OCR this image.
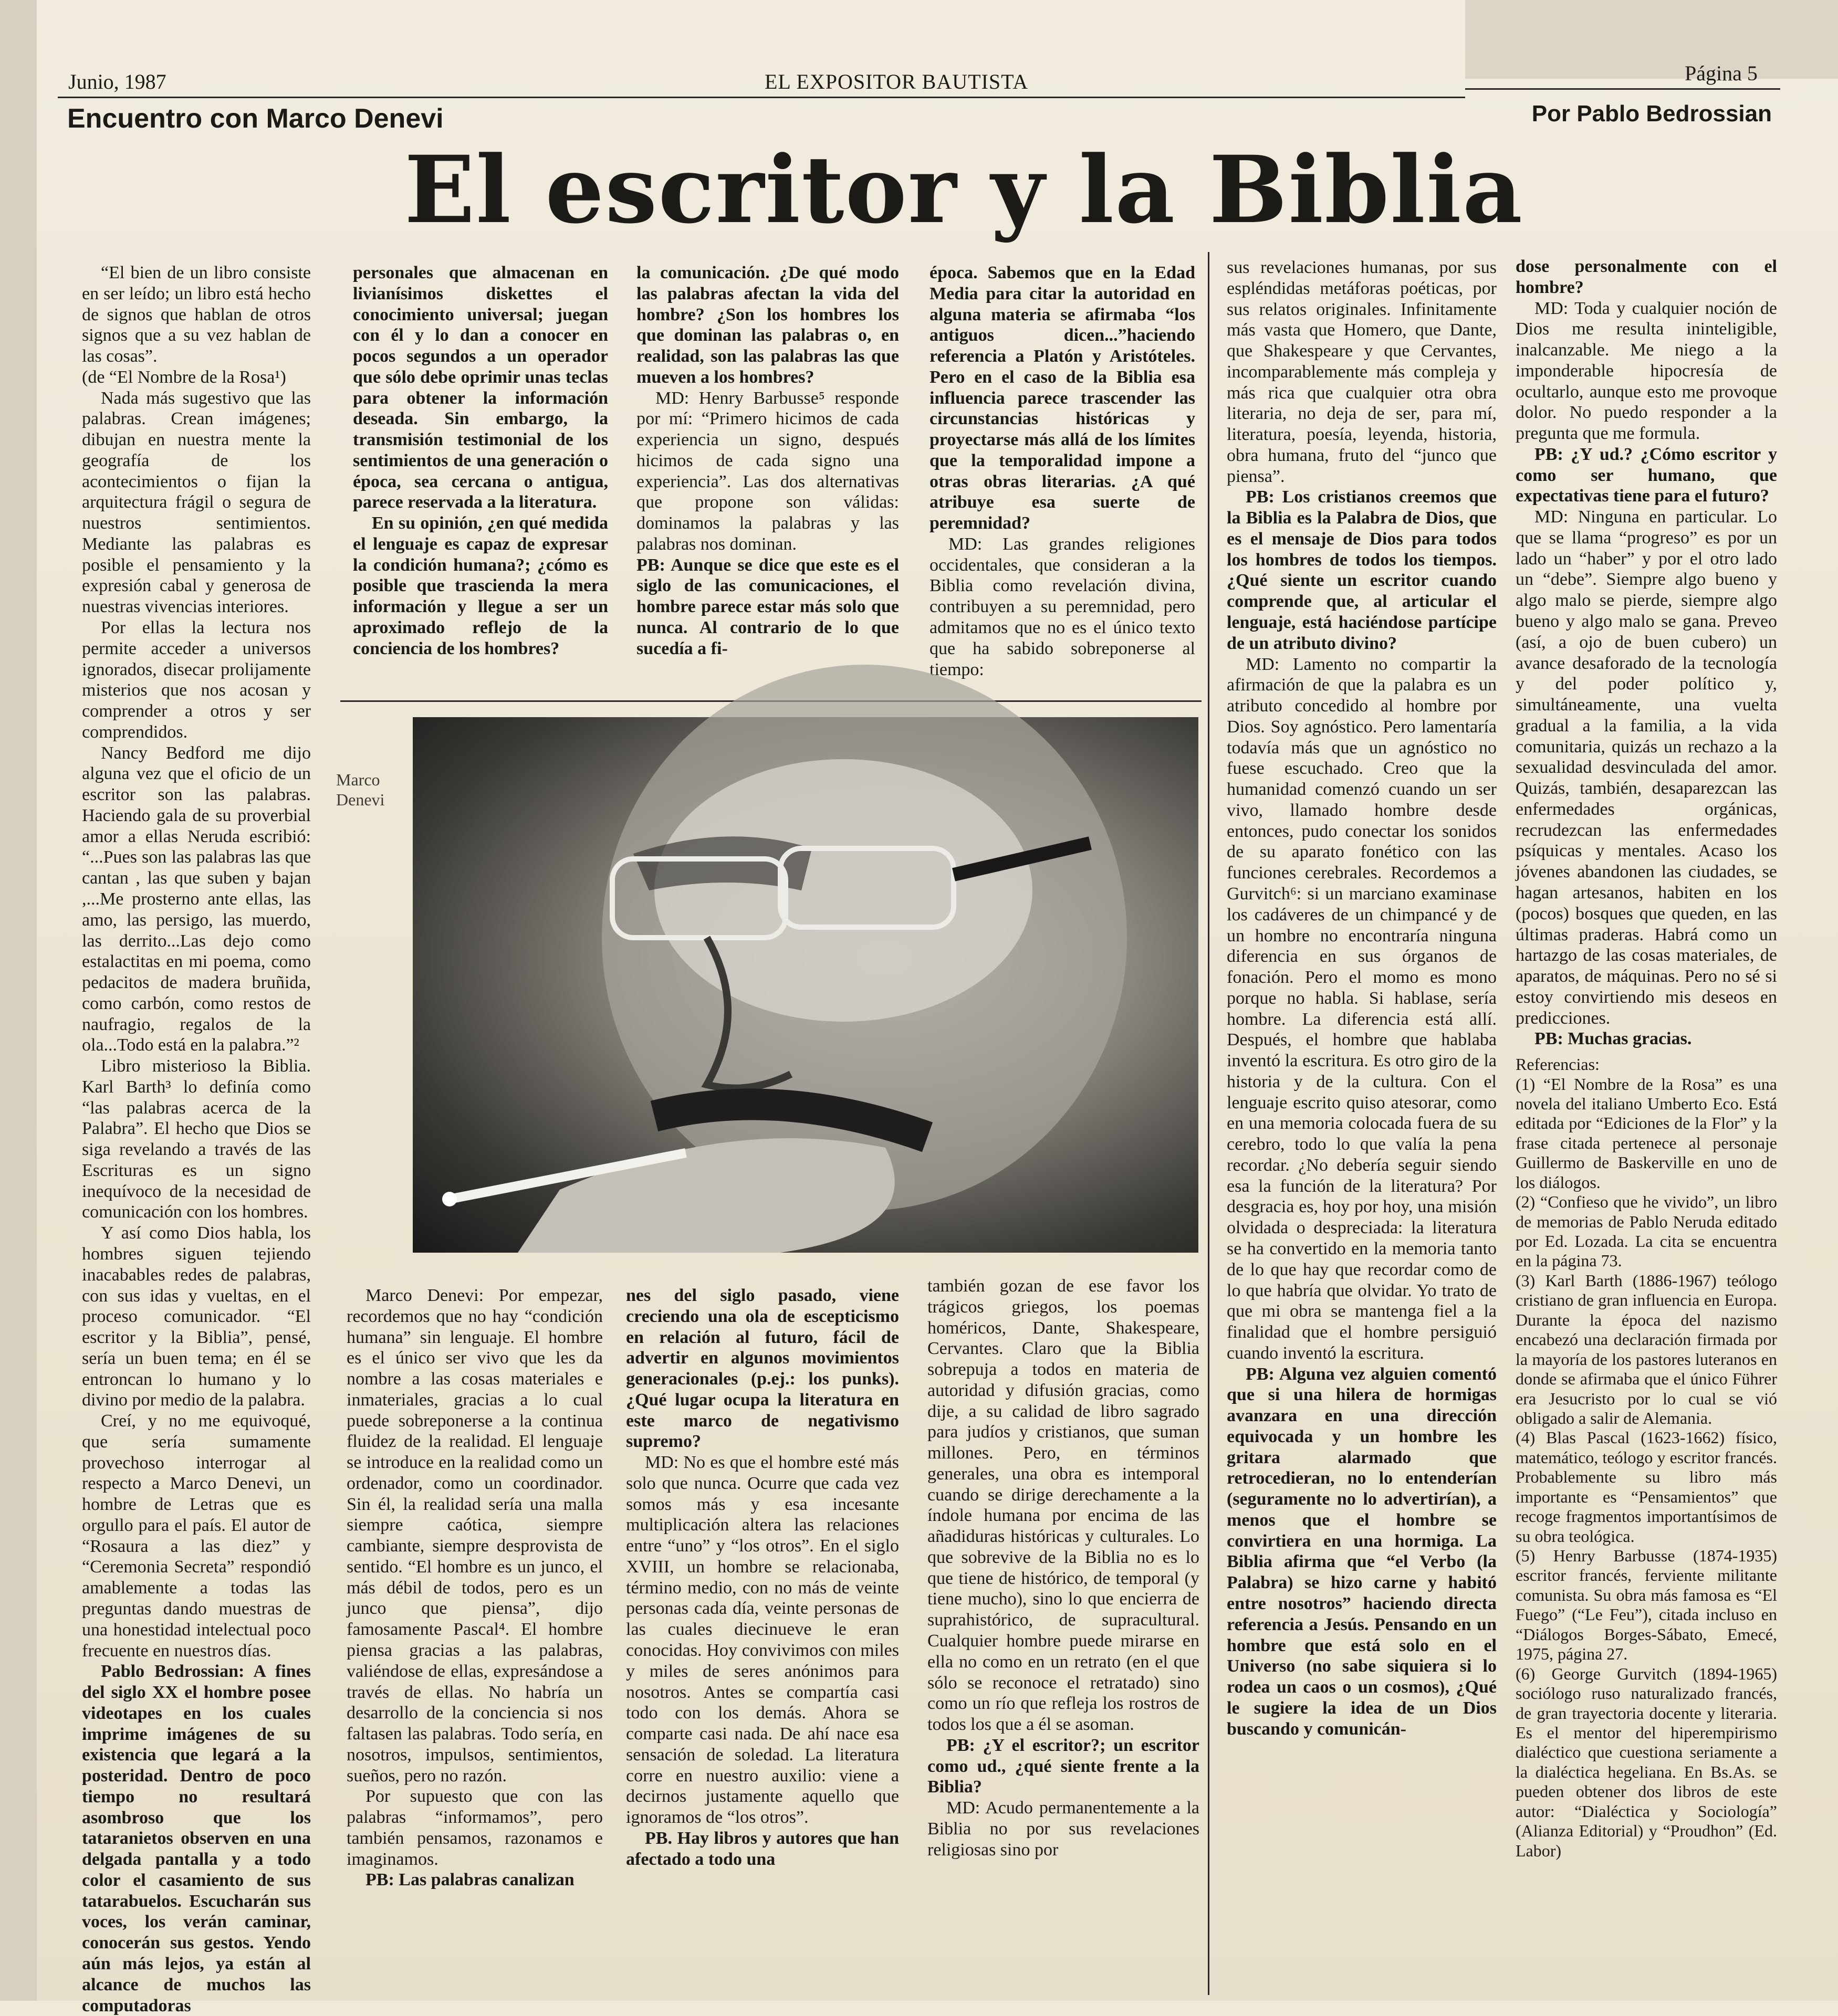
Junio, 1987	EL EXPOSITOR BAUTISTA	Página 5
Encuentro con Marco Denevi	Por Pablo Bedrossian
El escritor y la Biblia

“El bien de un libro consiste en ser leído; un libro está hecho de signos que hablan de otros signos que a su vez hablan de las cosas”.

(de “El Nombre de la Rosa¹)

Nada más sugestivo que las palabras. Crean imágenes; dibujan en nuestra mente la geografía de los acontecimientos o fijan la arquitectura frágil o segura de nuestros sentimientos. Mediante las palabras es posible el pensamiento y la expresión cabal y generosa de nuestras vivencias interiores.

Por ellas la lectura nos permite acceder a universos ignorados, disecar prolijamente misterios que nos acosan y comprender a otros y ser comprendidos.

Nancy Bedford me dijo alguna vez que el oficio de un escritor son las palabras. Haciendo gala de su proverbial amor a ellas Neruda escribió: “...Pues son las palabras las que cantan , las que suben y bajan ,...Me prosterno ante ellas, las amo, las persigo, las muerdo, las derrito...Las dejo como estalactitas en mi poema, como pedacitos de madera bruñida, como carbón, como restos de naufragio, regalos de la ola...Todo está en la palabra.”²

Libro misterioso la Biblia. Karl Barth³ lo definía como “las palabras acerca de la Palabra”. El hecho que Dios se siga revelando a través de las Escrituras es un signo inequívoco de la necesidad de comunicación con los hombres.

Y así como Dios habla, los hombres siguen tejiendo inacabables redes de palabras, con sus idas y vueltas, en el proceso comunicador. “El escritor y la Biblia”, pensé, sería un buen tema; en él se entroncan lo humano y lo divino por medio de la palabra.

Creí, y no me equivoqué, que sería sumamente provechoso interrogar al respecto a Marco Denevi, un hombre de Letras que es orgullo para el país. El autor de “Rosaura a las diez” y “Ceremonia Secreta” respondió amablemente a todas las preguntas dando muestras de una honestidad intelectual poco frecuente en nuestros días.

Pablo Bedrossian: A fines del siglo XX el hombre posee videotapes en los cuales imprime imágenes de su existencia que legará a la posteridad. Dentro de poco tiempo no resultará asombroso que los tataranietos observen en una delgada pantalla y a todo color el casamiento de sus tatarabuelos. Escucharán sus voces, los verán caminar, conocerán sus gestos. Yendo aún más lejos, ya están al alcance de muchos las computadoras

personales que almacenan en livianísimos diskettes el conocimiento universal; juegan con él y lo dan a conocer en pocos segundos a un operador que sólo debe oprimir unas teclas para obtener la información deseada. Sin embargo, la transmisión testimonial de los sentimientos de una generación o época, sea cercana o antigua, parece reservada a la literatura.

En su opinión, ¿en qué medida el lenguaje es capaz de expresar la condición humana?; ¿cómo es posible que trascienda la mera información y llegue a ser un aproximado reflejo de la conciencia de los hombres?

la comunicación. ¿De qué modo las palabras afectan la vida del hombre? ¿Son los hombres los que dominan las palabras o, en realidad, son las palabras las que mueven a los hombres?

MD: Henry Barbusse⁵ responde por mí: “Primero hicimos de cada experiencia un signo, después hicimos de cada signo una experiencia”. Las dos alternativas que propone son válidas: dominamos la palabras y las palabras nos dominan.

PB: Aunque se dice que este es el siglo de las comunicaciones, el hombre parece estar más solo que nunca. Al contrario de lo que sucedía a fi-

época. Sabemos que en la Edad Media para citar la autoridad en alguna materia se afirmaba “los antiguos dicen...”haciendo referencia a Platón y Aristóteles. Pero en el caso de la Biblia esa influencia parece trascender las circunstancias históricas y proyectarse más allá de los límites que la temporalidad impone a otras obras literarias. ¿A qué atribuye esa suerte de peremnidad?

MD: Las grandes religiones occidentales, que consideran a la Biblia como revelación divina, contribuyen a su peremnidad, pero admitamos que no es el único texto que ha sabido sobreponerse al tiempo:

Marco
Denevi

Marco Denevi: Por empezar, recordemos que no hay “condición humana” sin lenguaje. El hombre es el único ser vivo que les da nombre a las cosas materiales e inmateriales, gracias a lo cual puede sobreponerse a la continua fluidez de la realidad. El lenguaje se introduce en la realidad como un ordenador, como un coordinador. Sin él, la realidad sería una malla siempre caótica, siempre cambiante, siempre desprovista de sentido. “El hombre es un junco, el más débil de todos, pero es un junco que piensa”, dijo famosamente Pascal⁴. El hombre piensa gracias a las palabras, valiéndose de ellas, expresándose a través de ellas. No habría un desarrollo de la conciencia si nos faltasen las palabras. Todo sería, en nosotros, impulsos, sentimientos, sueños, pero no razón.

Por supuesto que con las palabras “informamos”, pero también pensamos, razonamos e imaginamos.

PB: Las palabras canalizan

nes del siglo pasado, viene creciendo una ola de escepticismo en relación al futuro, fácil de advertir en algunos movimientos generacionales (p.ej.: los punks). ¿Qué lugar ocupa la literatura en este marco de negativismo supremo?

MD: No es que el hombre esté más solo que nunca. Ocurre que cada vez somos más y esa incesante multiplicación altera las relaciones entre “uno” y “los otros”. En el siglo XVIII, un hombre se relacionaba, término medio, con no más de veinte personas cada día, veinte personas de las cuales diecinueve le eran conocidas. Hoy convivimos con miles y miles de seres anónimos para nosotros. Antes se compartía casi todo con los demás. Ahora se comparte casi nada. De ahí nace esa sensación de soledad. La literatura corre en nuestro auxilio: viene a decirnos justamente aquello que ignoramos de “los otros”.

PB. Hay libros y autores que han afectado a todo una

también gozan de ese favor los trágicos griegos, los poemas homéricos, Dante, Shakespeare, Cervantes. Claro que la Biblia sobrepuja a todos en materia de autoridad y difusión gracias, como dije, a su calidad de libro sagrado para judíos y cristianos, que suman millones. Pero, en términos generales, una obra es intemporal cuando se dirige derechamente a la índole humana por encima de las añadiduras históricas y culturales. Lo que sobrevive de la Biblia no es lo que tiene de histórico, de temporal (y tiene mucho), sino lo que encierra de suprahistórico, de supracultural. Cualquier hombre puede mirarse en ella no como en un retrato (en el que sólo se reconoce el retratado) sino como un río que refleja los rostros de todos los que a él se asoman.

PB: ¿Y el escritor?; un escritor como ud., ¿qué siente frente a la Biblia?

MD: Acudo permanentemente a la Biblia no por sus revelaciones religiosas sino por

sus revelaciones humanas, por sus espléndidas metáforas poéticas, por sus relatos originales. Infinitamente más vasta que Homero, que Dante, que Shakespeare y que Cervantes, incomparablemente más compleja y más rica que cualquier otra obra literaria, no deja de ser, para mí, literatura, poesía, leyenda, historia, obra humana, fruto del “junco que piensa”.

PB: Los cristianos creemos que la Biblia es la Palabra de Dios, que es el mensaje de Dios para todos los hombres de todos los tiempos. ¿Qué siente un escritor cuando comprende que, al articular el lenguaje, está haciéndose partícipe de un atributo divino?

MD: Lamento no compartir la afirmación de que la palabra es un atributo concedido al hombre por Dios. Soy agnóstico. Pero lamentaría todavía más que un agnóstico no fuese escuchado. Creo que la humanidad comenzó cuando un ser vivo, llamado hombre desde entonces, pudo conectar los sonidos de su aparato fonético con las funciones cerebrales. Recordemos a Gurvitch⁶: si un marciano examinase los cadáveres de un chimpancé y de un hombre no encontraría ninguna diferencia en sus órganos de fonación. Pero el momo es mono porque no habla. Si hablase, sería hombre. La diferencia está allí. Después, el hombre que hablaba inventó la escritura. Es otro giro de la historia y de la cultura. Con el lenguaje escrito quiso atesorar, como en una memoria colocada fuera de su cerebro, todo lo que valía la pena recordar. ¿No debería seguir siendo esa la función de la literatura? Por desgracia es, hoy por hoy, una misión olvidada o despreciada: la literatura se ha convertido en la memoria tanto de lo que hay que recordar como de lo que habría que olvidar. Yo trato de que mi obra se mantenga fiel a la finalidad que el hombre persiguió cuando inventó la escritura.

PB: Alguna vez alguien comentó que si una hilera de hormigas avanzara en una dirección equivocada y un hombre les gritara alarmado que retrocedieran, no lo entenderían (seguramente no lo advertirían), a menos que el hombre se convirtiera en una hormiga. La Biblia afirma que “el Verbo (la Palabra) se hizo carne y habitó entre nosotros” haciendo directa referencia a Jesús. Pensando en un hombre que está solo en el Universo (no sabe siquiera si lo rodea un caos o un cosmos), ¿Qué le sugiere la idea de un Dios buscando y comunicán-

dose personalmente con el hombre?

MD: Toda y cualquier noción de Dios me resulta ininteligible, inalcanzable. Me niego a la imponderable hipocresía de ocultarlo, aunque esto me provoque dolor. No puedo responder a la pregunta que me formula.

PB: ¿Y ud.? ¿Cómo escritor y como ser humano, que expectativas tiene para el futuro?

MD: Ninguna en particular. Lo que se llama “progreso” es por un lado un “haber” y por el otro lado un “debe”. Siempre algo bueno y algo malo se pierde, siempre algo bueno y algo malo se gana. Preveo (así, a ojo de buen cubero) un avance desaforado de la tecnología y del poder político y, simultáneamente, una vuelta gradual a la familia, a la vida comunitaria, quizás un rechazo a la sexualidad desvinculada del amor. Quizás, también, desaparezcan las enfermedades orgánicas, recrudezcan las enfermedades psíquicas y mentales. Acaso los jóvenes abandonen las ciudades, se hagan artesanos, habiten en los (pocos) bosques que queden, en las últimas praderas. Habrá como un hartazgo de las cosas materiales, de aparatos, de máquinas. Pero no sé si estoy convirtiendo mis deseos en predicciones.

PB: Muchas gracias.

Referencias:

(1) “El Nombre de la Rosa” es una novela del italiano Umberto Eco. Está editada por “Ediciones de la Flor” y la frase citada pertenece al personaje Guillermo de Baskerville en uno de los diálogos.

(2) “Confieso que he vivido”, un libro de memorias de Pablo Neruda editado por Ed. Lozada. La cita se encuentra en la página 73.

(3) Karl Barth (1886-1967) teólogo cristiano de gran influencia en Europa. Durante la época del nazismo encabezó una declaración firmada por la mayoría de los pastores luteranos en donde se afirmaba que el único Führer era Jesucristo por lo cual se vió obligado a salir de Alemania.

(4) Blas Pascal (1623-1662) físico, matemático, teólogo y escritor francés. Probablemente su libro más importante es “Pensamientos” que recoge fragmentos importantísimos de su obra teológica.

(5) Henry Barbusse (1874-1935) escritor francés, ferviente militante comunista. Su obra más famosa es “El Fuego” (“Le Feu”), citada incluso en “Diálogos Borges-Sábato, Emecé, 1975, página 27.

(6) George Gurvitch (1894-1965) sociólogo ruso naturalizado francés, de gran trayectoria docente y literaria. Es el mentor del hiperempirismo dialéctico que cuestiona seriamente a la dialéctica hegeliana. En Bs.As. se pueden obtener dos libros de este autor: “Dialéctica y Sociología” (Alianza Editorial) y “Proudhon” (Ed. Labor)
